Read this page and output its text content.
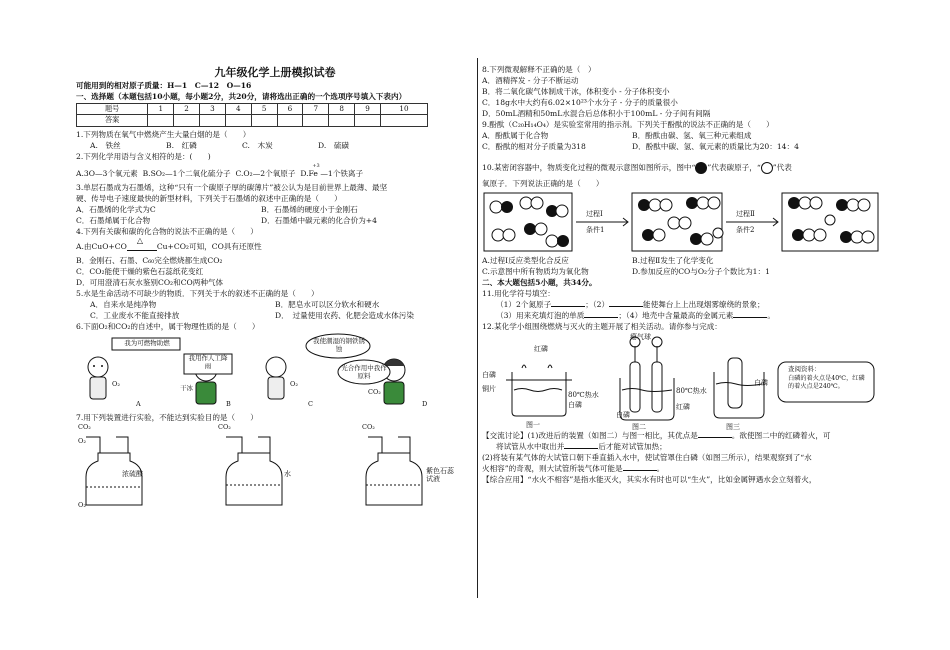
九年级化学上册模拟试卷

可能用到的相对原子质量：H—1　C—12　O—16

一、选择题（本题包括10小题，每小题2分，共20分，请将选出正确的一个选项序号填入下表内）

题号	1	2	3	4	5	6	7	8	9	10
答案										

1.下列物质在氧气中燃烧产生大量白烟的是（　　）

A.　铁丝	B.　红磷	C.　木炭	D.　硫磺

2.下列化学用语与含义相符的是：(　　)

A.3O—3个氧元素 B.SO₂—1个二氧化硫分子 C.O₂—2个氧原子
+3
D.Fe —1个铁离子

3.单层石墨成为石墨烯，这种“只有一个碳原子厚的碳薄片”被公认为是目前世界上最薄、最坚

硬、传导电子速度最快的新型材料，下列关于石墨烯的叙述中正确的是（　　）

A．石墨烯的化学式为C	B．石墨烯的硬度小于金刚石

C．石墨烯属于化合物	D．石墨烯中碳元素的化合价为+4

4.下列有关碳和碳的化合物的说法不正确的是（　　）

A.由CuO+CO
△
Cu+CO₂可知，CO具有还原性

B．金刚石、石墨、C₆₀完全燃烧都生成CO₂

C．CO₂能使干燥的紫色石蕊纸花变红

D．可用澄清石灰水鉴别CO₂和CO两种气体

5.水是生命活动不可缺少的物质．下列关于水的叙述不正确的是（　　）

A．自来水是纯净物	B．肥皂水可以区分软水和硬水

C．工业废水不能直接排放	D．　过量使用农药、化肥会造成水体污染

6.下面O₂和CO₂的自述中，属于物理性质的是（　　）

我为可燃物助燃
我用作人工降雨
我使潮湿的钢铁锈蚀
光合作用中我作原料
O₂	干冰	O₂
CO₂
A	B	C	D

7.用下列装置进行实验，不能达到实验目的是（　　）

CO₂	CO₂	CO₂
O₂
O₂
浓硫酸	水	紫色石蕊试液

8.下列微观解释不正确的是（　）

A．酒精挥发 - 分子不断运动

B．将二氧化碳气体制成干冰，体积变小 - 分子体积变小

C．18g水中大约有6.02×10²³个水分子 - 分子的质量很小

D．50mL酒精和50mL水混合后总体积小于100mL - 分子间有间隔

9.酚酞（C₂₀H₁₄O₄）是实验室常用的指示剂。下列关于酚酞的说法不正确的是（　　）

A．酚酞属于化合物	B．酚酞由碳、氢、氧三种元素组成

C．酚酞的相对分子质量为318	D．酚酞中碳、氢、氧元素的质量比为20：14：4

10.某密闭容器中，物质变化过程的微观示意图如图所示，图中“ ”代表碳原子，“ ”代表

氧原子．下列说法正确的是（　　）

过程Ⅰ
条件1
过程Ⅱ
条件2

A.过程Ⅰ反应类型化合反应	B.过程Ⅱ发生了化学变化

C.示意图中所有物质均为氧化物	D.参加反应的CO与O₂分子个数比为1：1

二、本大题包括5小题，共34分。

11.用化学符号填空：

（1）2个氮原子	；（2）	能使舞台上上出现烟雾缭绕的景象；

（3）用来充填灯泡的单质	；（4）地壳中含量最高的金属元素	。

12.某化学小组围绕燃烧与灭火的主题开展了相关活动。请你参与完成：

红磷
白磷
铜片
80℃热水
白磷
图一
瘪气球
80℃热水
红磷
白磷
图二
白磷
图三
查阅资料：
白磷的着火点是40℃，红磷的着火点是240℃。

【交流讨论】(1)改进后的装置（如图二）与图一相比，其优点是	。欲使图二中的红磷着火，可

将试管从水中取出并	后才能对试管加热；

(2)将装有某气体的大试管口朝下垂直插入水中，使试管罩住白磷（如图三所示），结果观察到了“水

火相容”的奇观，则大试管所装气体可能是	。

【综合应用】“水火不相容”是指水能灭火，其实水有时也可以“生火”，比如金属钾遇水会立刻着火，
